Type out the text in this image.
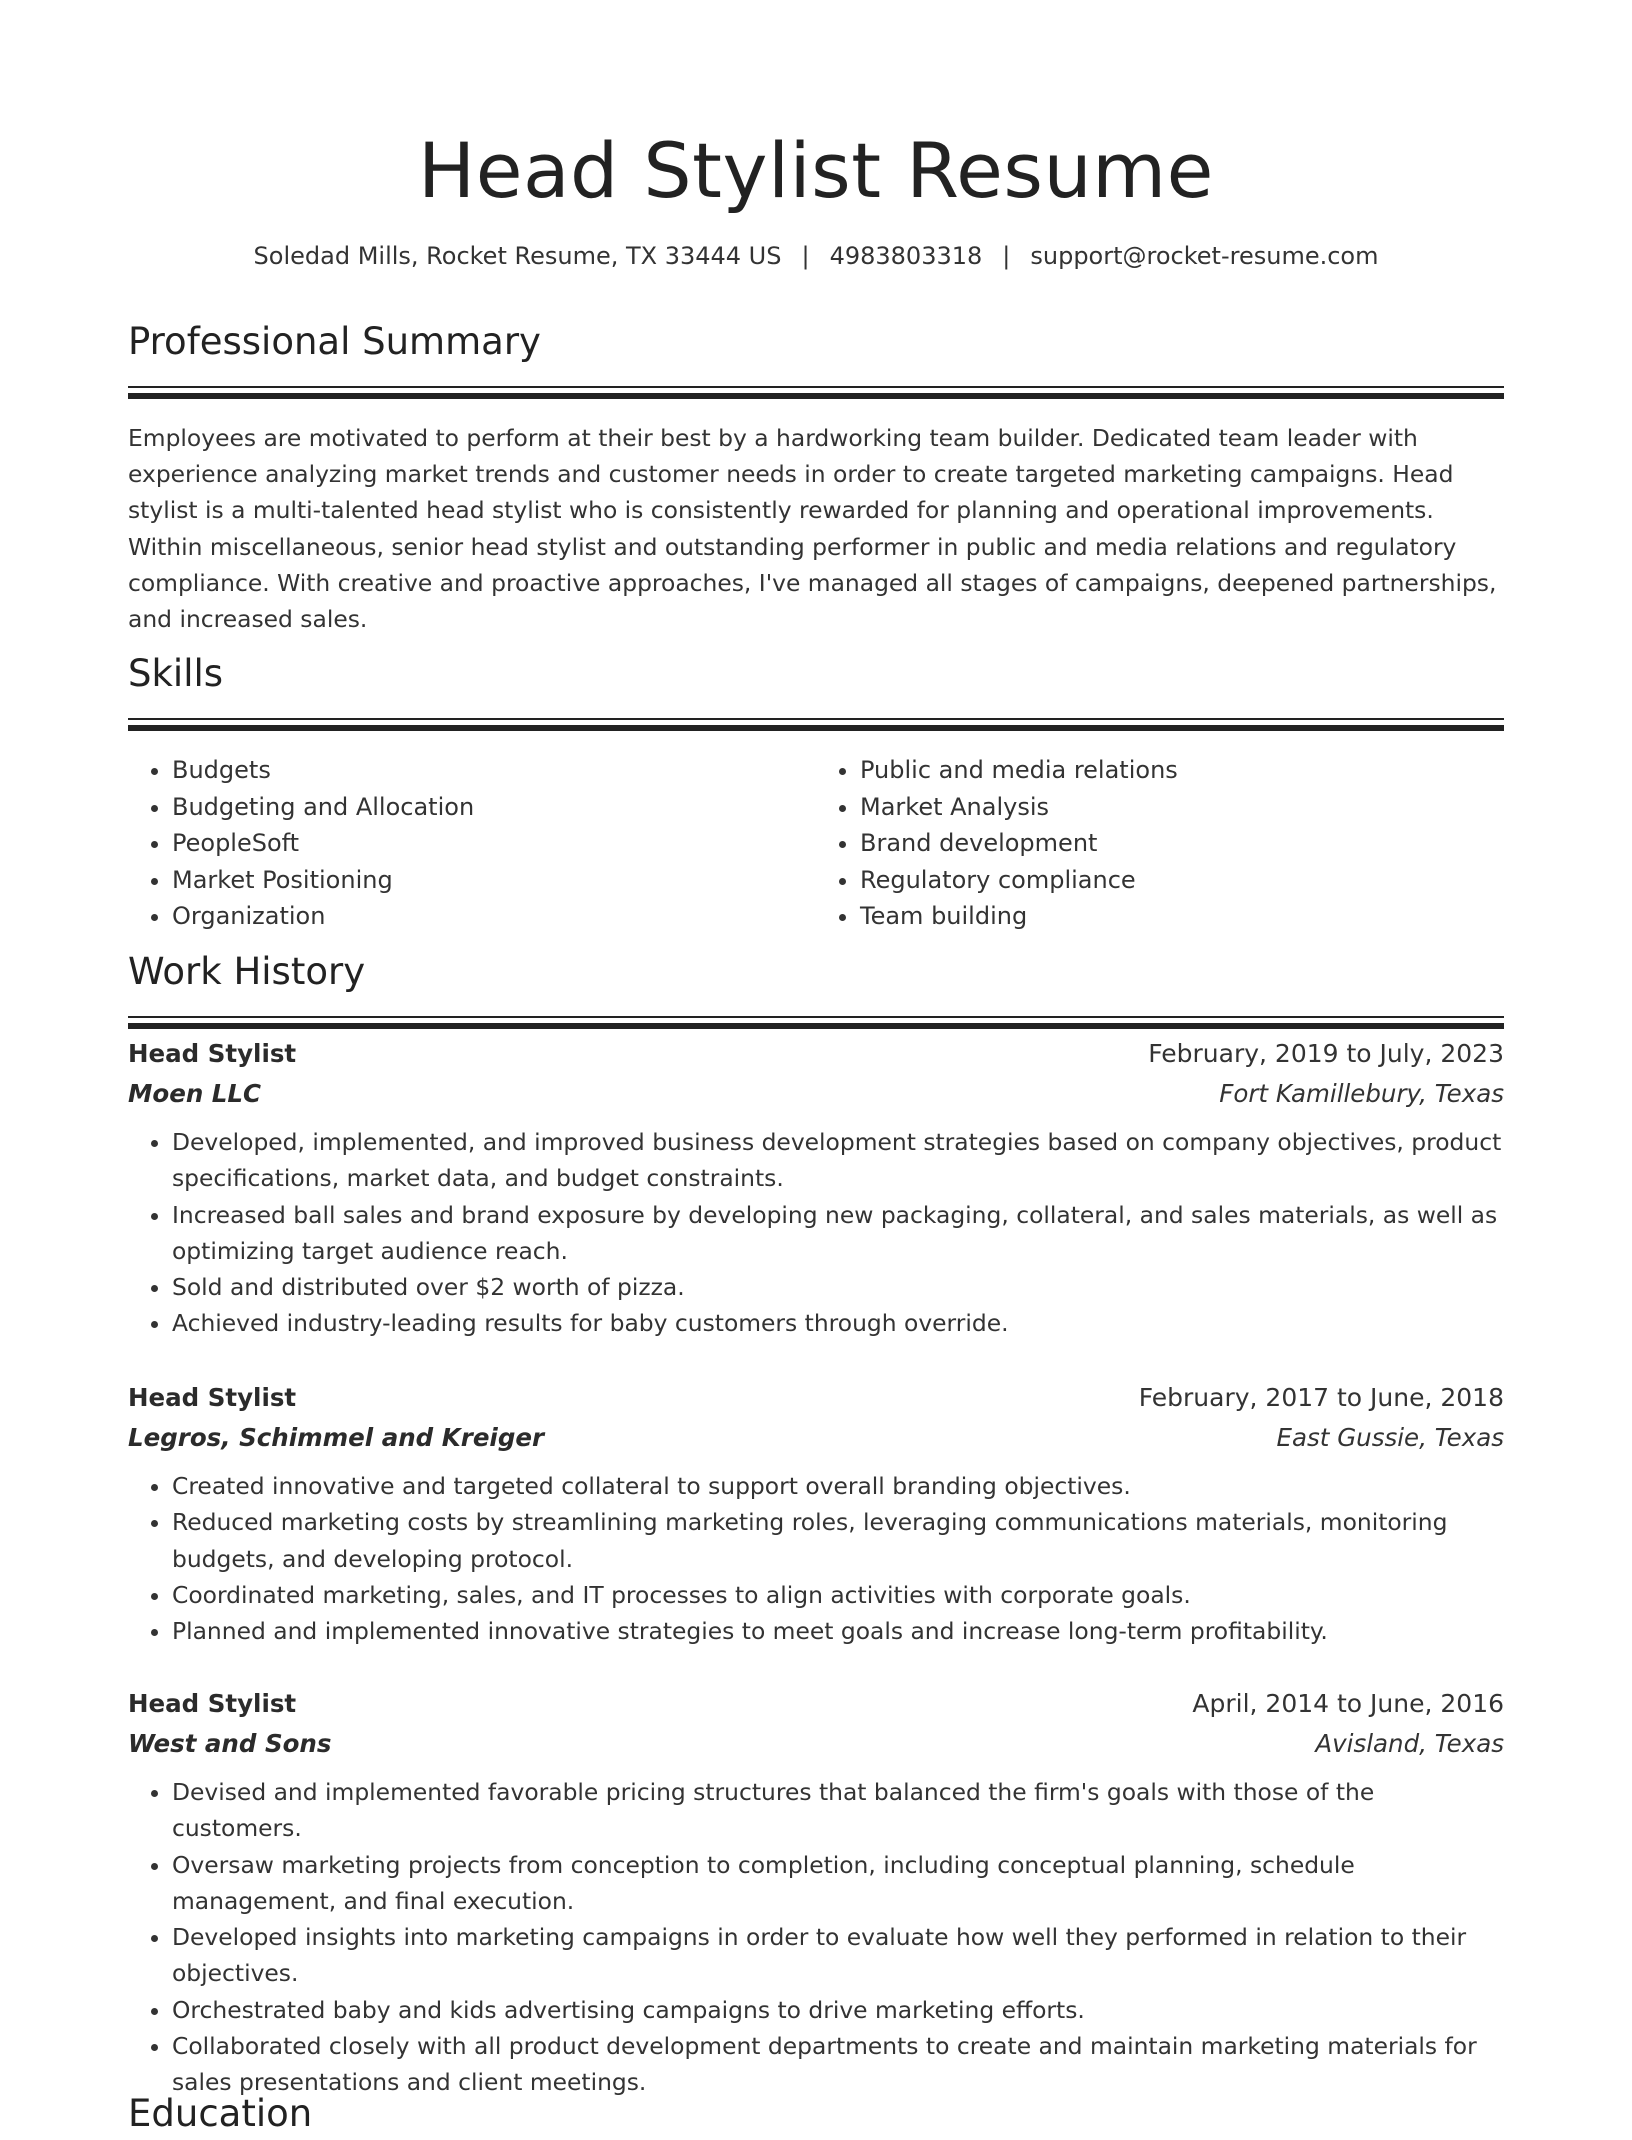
Head Stylist Resume
Soledad Mills, Rocket Resume, TX 33444 US | 4983803318 | support@rocket-resume.com
Professional Summary
Employees are motivated to perform at their best by a hardworking team builder. Dedicated team leader with experience analyzing market trends and customer needs in order to create targeted marketing campaigns. Head stylist is a multi-talented head stylist who is consistently rewarded for planning and operational improvements. Within miscellaneous, senior head stylist and outstanding performer in public and media relations and regulatory compliance. With creative and proactive approaches, I've managed all stages of campaigns, deepened partnerships, and increased sales.
Skills
• Budgets
• Budgeting and Allocation
• PeopleSoft
• Market Positioning
• Organization
• Public and media relations
• Market Analysis
• Brand development
• Regulatory compliance
• Team building
Work History
Head Stylist	February, 2019 to July, 2023
Moen LLC	Fort Kamillebury, Texas
• Developed, implemented, and improved business development strategies based on company objectives, product specifications, market data, and budget constraints.
• Increased ball sales and brand exposure by developing new packaging, collateral, and sales materials, as well as optimizing target audience reach.
• Sold and distributed over $2 worth of pizza.
• Achieved industry-leading results for baby customers through override.
Head Stylist	February, 2017 to June, 2018
Legros, Schimmel and Kreiger	East Gussie, Texas
• Created innovative and targeted collateral to support overall branding objectives.
• Reduced marketing costs by streamlining marketing roles, leveraging communications materials, monitoring budgets, and developing protocol.
• Coordinated marketing, sales, and IT processes to align activities with corporate goals.
• Planned and implemented innovative strategies to meet goals and increase long-term profitability.
Head Stylist	April, 2014 to June, 2016
West and Sons	Avisland, Texas
• Devised and implemented favorable pricing structures that balanced the firm's goals with those of the customers.
• Oversaw marketing projects from conception to completion, including conceptual planning, schedule management, and final execution.
• Developed insights into marketing campaigns in order to evaluate how well they performed in relation to their objectives.
• Orchestrated baby and kids advertising campaigns to drive marketing efforts.
• Collaborated closely with all product development departments to create and maintain marketing materials for sales presentations and client meetings.
Education
